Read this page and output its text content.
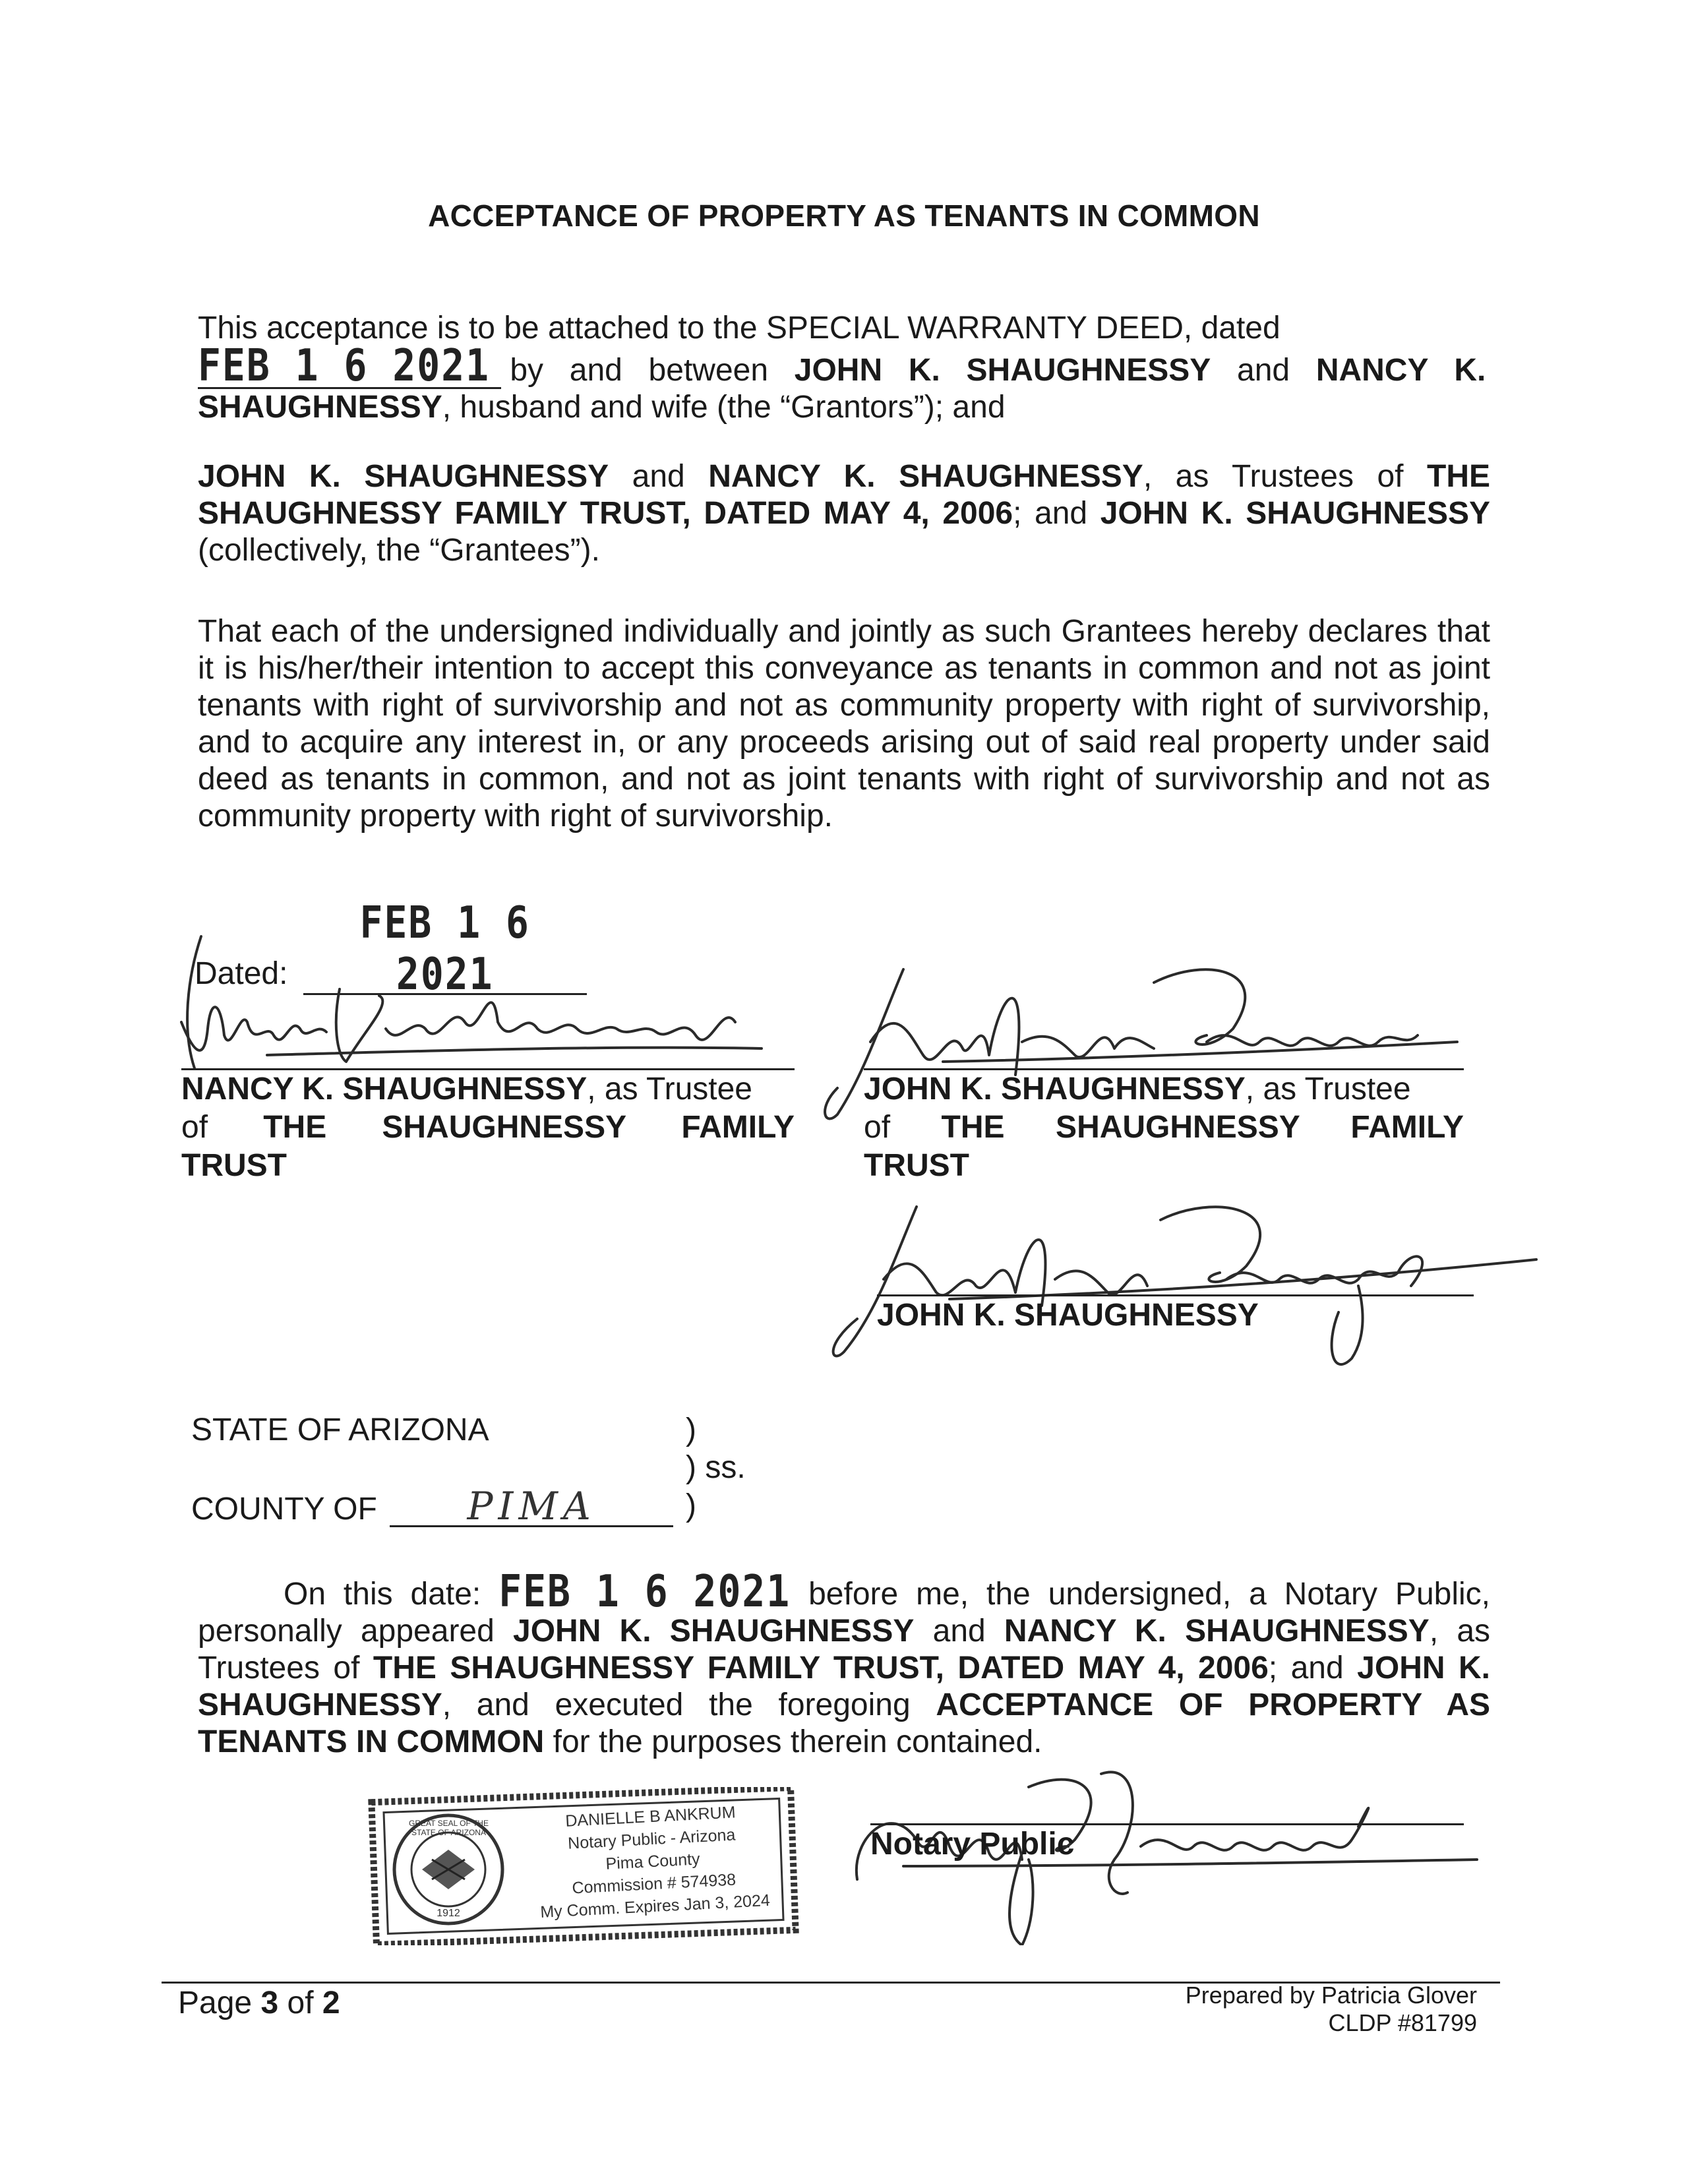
ACCEPTANCE OF PROPERTY AS TENANTS IN COMMON
This acceptance is to be attached to the SPECIAL WARRANTY DEED, dated
FEB 1 6 2021 by and between JOHN K. SHAUGHNESSY and NANCY K.
SHAUGHNESSY, husband and wife (the “Grantors”); and
JOHN K. SHAUGHNESSY and NANCY K. SHAUGHNESSY, as Trustees of THE SHAUGHNESSY FAMILY TRUST, DATED MAY 4, 2006; and JOHN K. SHAUGHNESSY (collectively, the “Grantees”).
That each of the undersigned individually and jointly as such Grantees hereby declares that it is his/her/their intention to accept this conveyance as tenants in common and not as joint tenants with right of survivorship and not as community property with right of survivorship, and to acquire any interest in, or any proceeds arising out of said real property under said deed as tenants in common, and not as joint tenants with right of survivorship and not as community property with right of survivorship.
Dated: FEB 1 6 2021
NANCY K. SHAUGHNESSY, as Trustee
of THE SHAUGHNESSY FAMILY
TRUST
JOHN K. SHAUGHNESSY, as Trustee
of THE SHAUGHNESSY FAMILY
TRUST
JOHN K. SHAUGHNESSY
STATE OF ARIZONA	)
) ss.
COUNTY OF PIMA	)
On this date: FEB 1 6 2021 before me, the undersigned, a Notary Public, personally appeared JOHN K. SHAUGHNESSY and NANCY K. SHAUGHNESSY, as Trustees of THE SHAUGHNESSY FAMILY TRUST, DATED MAY 4, 2006; and JOHN K. SHAUGHNESSY, and executed the foregoing ACCEPTANCE OF PROPERTY AS TENANTS IN COMMON for the purposes therein contained.
GREAT SEAL OF THE STATE OF ARIZONA
1912
DANIELLE B ANKRUM
Notary Public - Arizona
Pima County
Commission # 574938
My Comm. Expires Jan 3, 2024
Notary Public
Page 3 of 2	Prepared by Patricia Glover
CLDP #81799
